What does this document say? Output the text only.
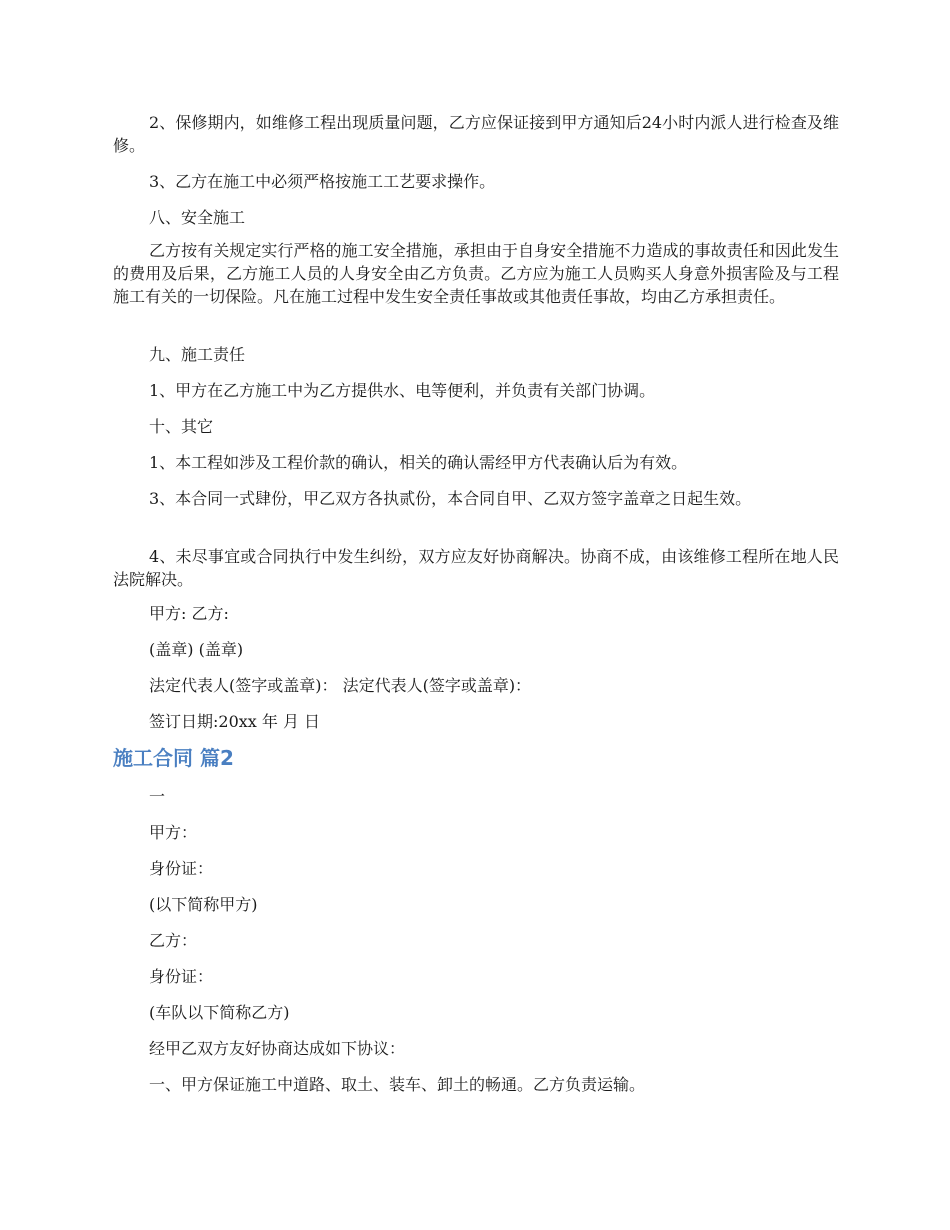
2、保修期内，如维修工程出现质量问题，乙方应保证接到甲方通知后24小时内派人进行检查及维修。

3、乙方在施工中必须严格按施工工艺要求操作。

八、安全施工

乙方按有关规定实行严格的施工安全措施，承担由于自身安全措施不力造成的事故责任和因此发生的费用及后果，乙方施工人员的人身安全由乙方负责。乙方应为施工人员购买人身意外损害险及与工程施工有关的一切保险。凡在施工过程中发生安全责任事故或其他责任事故，均由乙方承担责任。

九、施工责任

1、甲方在乙方施工中为乙方提供水、电等便利，并负责有关部门协调。

十、其它

1、本工程如涉及工程价款的确认，相关的确认需经甲方代表确认后为有效。

3、本合同一式肆份，甲乙双方各执贰份，本合同自甲、乙双方签字盖章之日起生效。

4、未尽事宜或合同执行中发生纠纷，双方应友好协商解决。协商不成，由该维修工程所在地人民法院解决。

甲方: 乙方:

(盖章) (盖章)

法定代表人(签字或盖章)： 法定代表人(签字或盖章)：

签订日期:20xx 年 月 日

施工合同 篇2

一

甲方：

身份证：

(以下简称甲方)

乙方：

身份证：

(车队以下简称乙方)

经甲乙双方友好协商达成如下协议：

一、甲方保证施工中道路、取土、装车、卸土的畅通。乙方负责运输。
